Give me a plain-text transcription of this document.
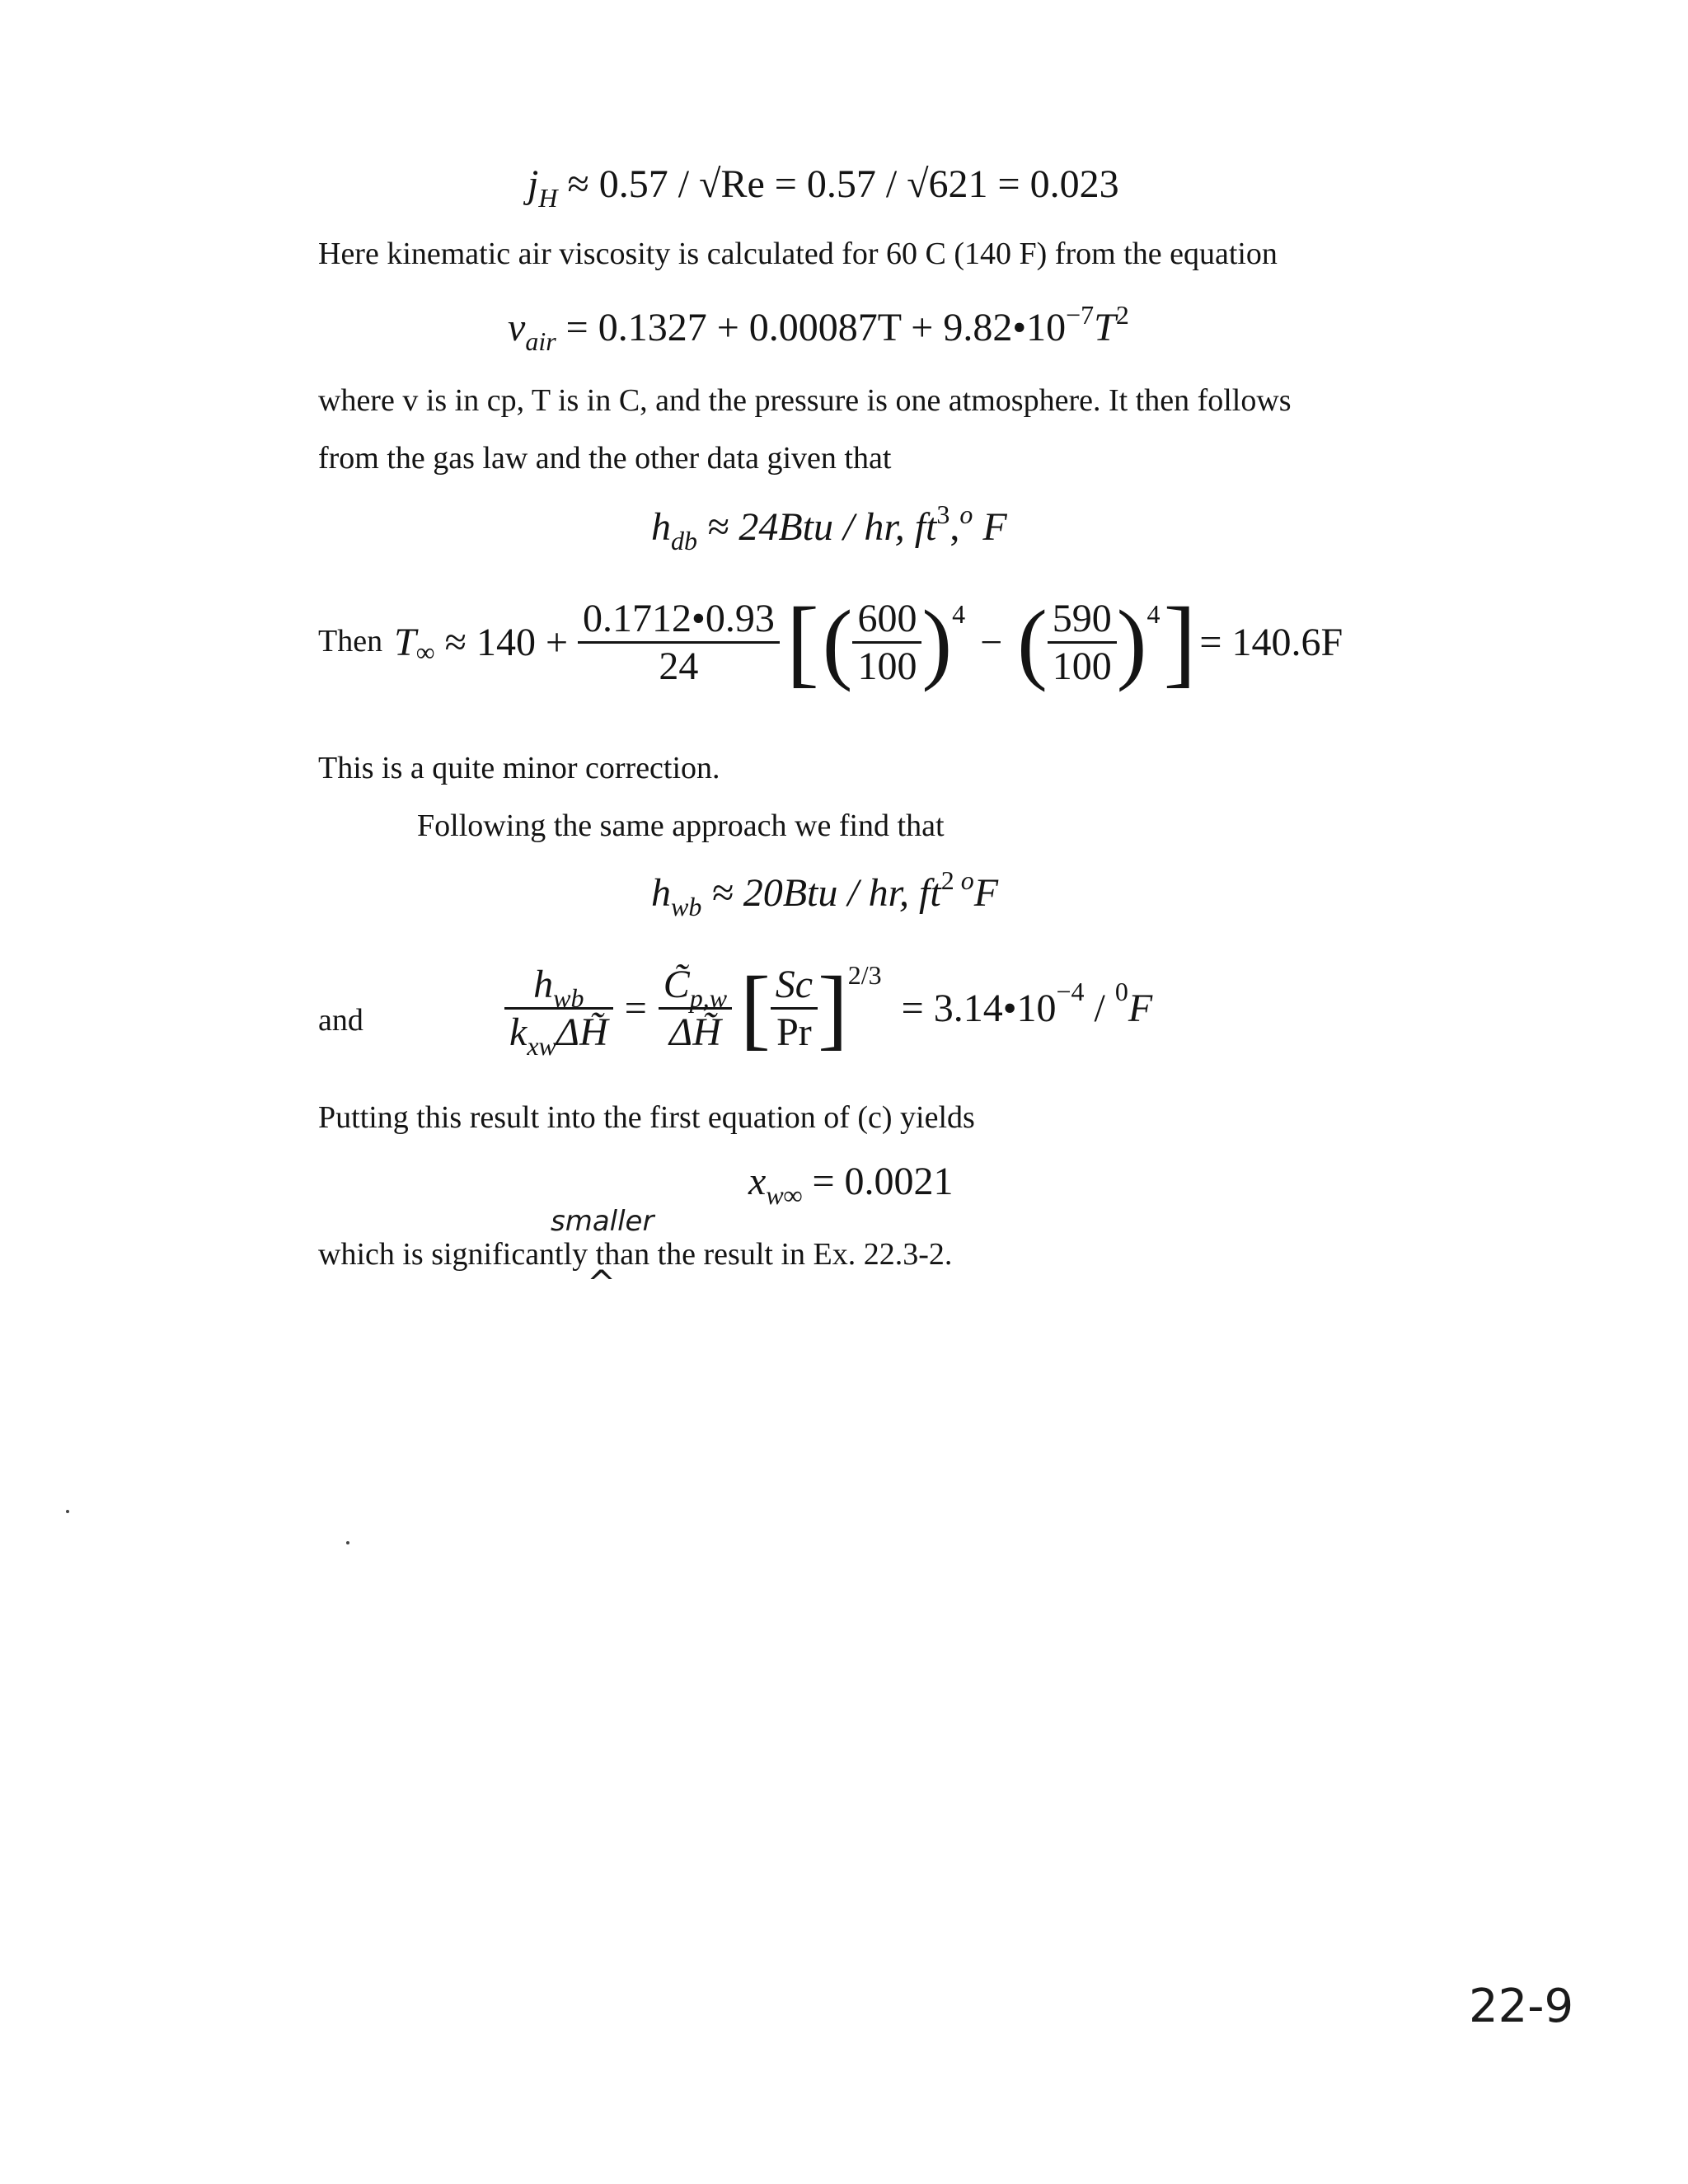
$j_H \approx 0.57 / √Re = 0.57 / √621 = 0.023$
Here kinematic air viscosity is calculated for 60 C (140 F) from the equation
$\nu_{air} = 0.1327 + 0.00087T$ + $9.82•10^{-7}T^2$
where v is in cp, T is in C, and the pressure is one atmosphere. It then follows
from the gas law and the other data given that
$h_{db} \approx 24Btu$ / hr, $ft^3,^o$ F
Then T ∞ ≈ $140 + \frac{0.1712•0.93}{24}$ [ ( $\frac{600}{100}$ ) 4
− ( $\frac{590}{100}$ ) 4 ] = 140.6F
This is a quite minor correction.
Following the same approach we find that
$h_{wb} \approx 20Btu$ / hr, $ft^2$ $^o$F
and	$\frac{h_{wb}}{k_{xw}\Delta H̃} = \frac{C̃_{p,w}}{\Delta H̃}$ [ $\frac{Sc}{Pr}$ ] 2/3
= 3.14•10 −4 / 0 F
Putting this result into the first equation of (c) yields
$x_{w\infty} = 0.0021$
smaller
which is significantly than the result in Ex. 22.3-2.
^
22-9
